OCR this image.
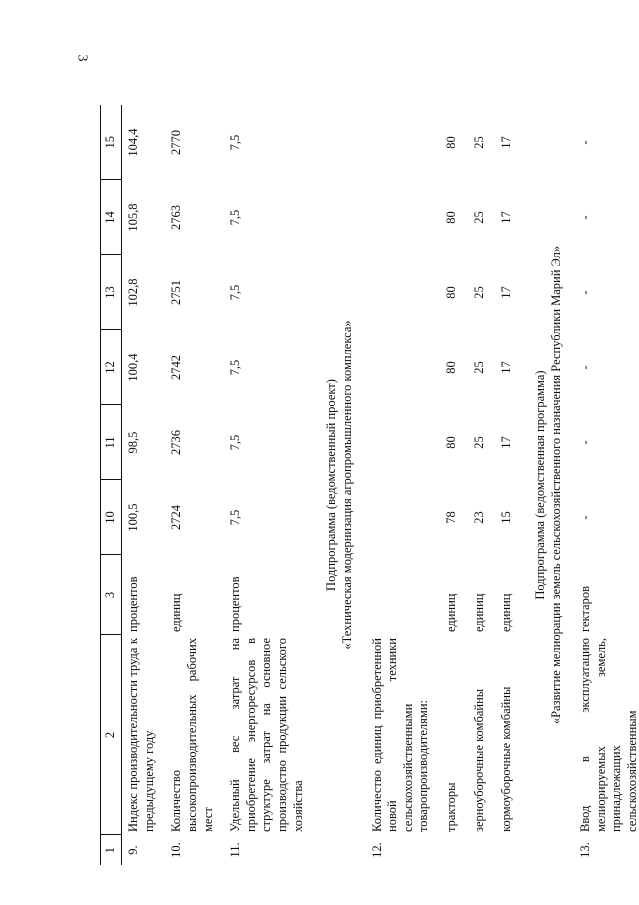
3
1	2	3	10	11	12	13	14	15
9.	Индекс производительности труда к предыдущему году	процентов	100,5	98,5	100,4	102,8	105,8	104,4
10.	Количество высокопроизводительных рабочих мест	единиц	2724	2736	2742	2751	2763	2770
11.	Удельный вес затрат на приобретение энергоресурсов в структуре затрат на основное производство продукции сельского хозяйства	процентов	7,5	7,5	7,5	7,5	7,5	7,5

Подпрограмма (ведомственный проект) «Техническая модернизация агропромышленного комплекса»								

12.	Количество единиц приобретенной новой техники сельскохозяйственными товаропроизводителями:							
	тракторы	единиц	78	80	80	80	80	80
	зерноуборочные комбайны	единиц	23	25	25	25	25	25
	кормоуборочные комбайны	единиц	15	17	17	17	17	17

Подпрограмма (ведомственная программа) «Развитие мелиорации земель сельскохозяйственного назначения Республики Марий Эл»								

13.	Ввод в эксплуатацию мелиорируемых земель, принадлежащих сельскохозяйственным	гектаров	-	-	-	-	-	-
